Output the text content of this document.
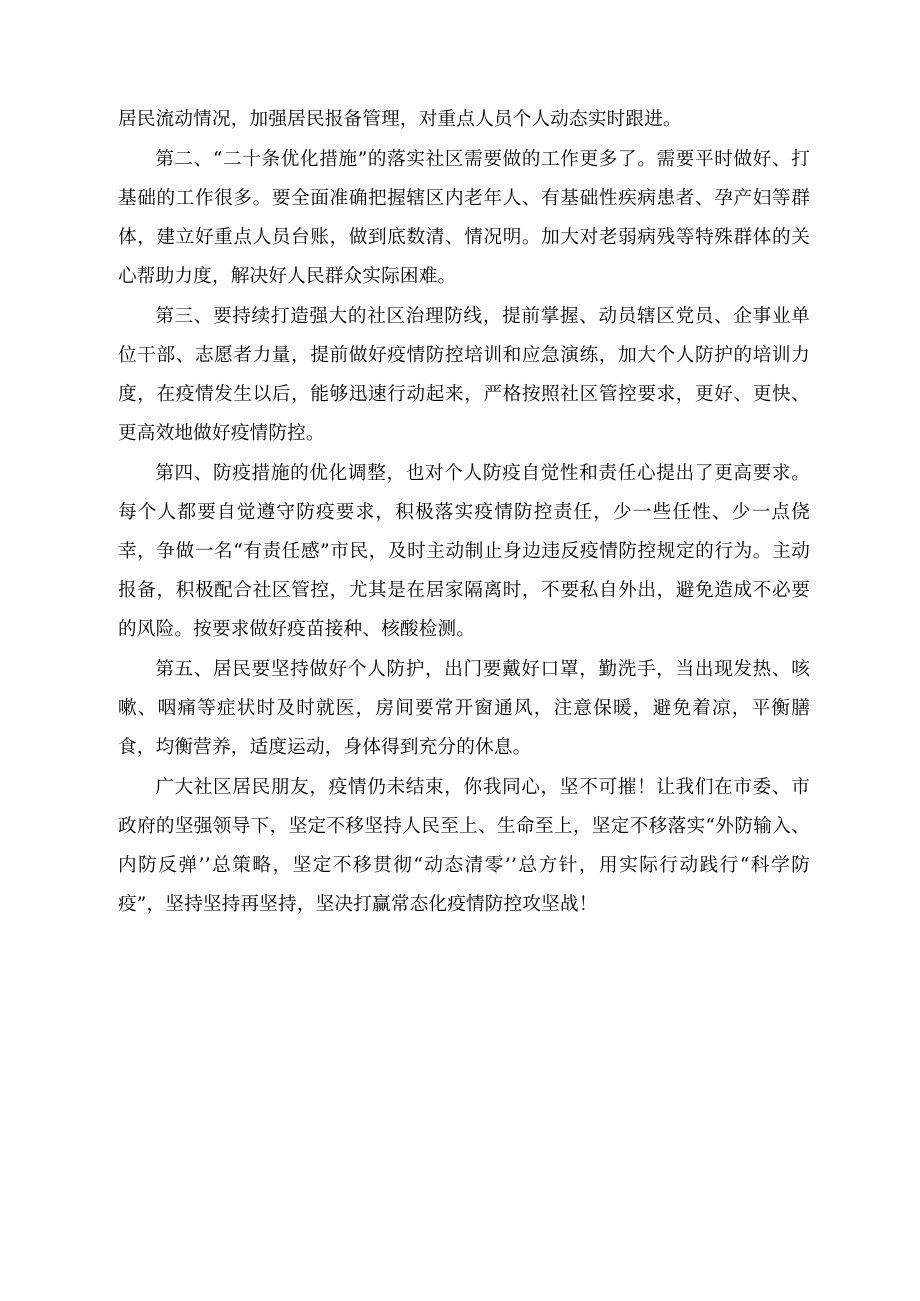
居民流动情况，加强居民报备管理，对重点人员个人动态实时跟进。

第二、“二十条优化措施”的落实社区需要做的工作更多了。需要平时做好、打基础的工作很多。要全面准确把握辖区内老年人、有基础性疾病患者、孕产妇等群体，建立好重点人员台账，做到底数清、情况明。加大对老弱病残等特殊群体的关心帮助力度，解决好人民群众实际困难。

第三、要持续打造强大的社区治理防线，提前掌握、动员辖区党员、企事业单位干部、志愿者力量，提前做好疫情防控培训和应急演练，加大个人防护的培训力度，在疫情发生以后，能够迅速行动起来，严格按照社区管控要求，更好、更快、更高效地做好疫情防控。

第四、防疫措施的优化调整，也对个人防疫自觉性和责任心提出了更高要求。每个人都要自觉遵守防疫要求，积极落实疫情防控责任，少一些任性、少一点侥幸，争做一名“有责任感”市民，及时主动制止身边违反疫情防控规定的行为。主动报备，积极配合社区管控，尤其是在居家隔离时，不要私自外出，避免造成不必要的风险。按要求做好疫苗接种、核酸检测。

第五、居民要坚持做好个人防护，出门要戴好口罩，勤洗手，当出现发热、咳嗽、咽痛等症状时及时就医，房间要常开窗通风，注意保暖，避免着凉，平衡膳食，均衡营养，适度运动，身体得到充分的休息。

广大社区居民朋友，疫情仍未结束，你我同心，坚不可摧！让我们在市委、市政府的坚强领导下，坚定不移坚持人民至上、生命至上，坚定不移落实“外防输入、内防反弹’’总策略，坚定不移贯彻“动态清零’’总方针，用实际行动践行“科学防疫”，坚持坚持再坚持，坚决打赢常态化疫情防控攻坚战！
